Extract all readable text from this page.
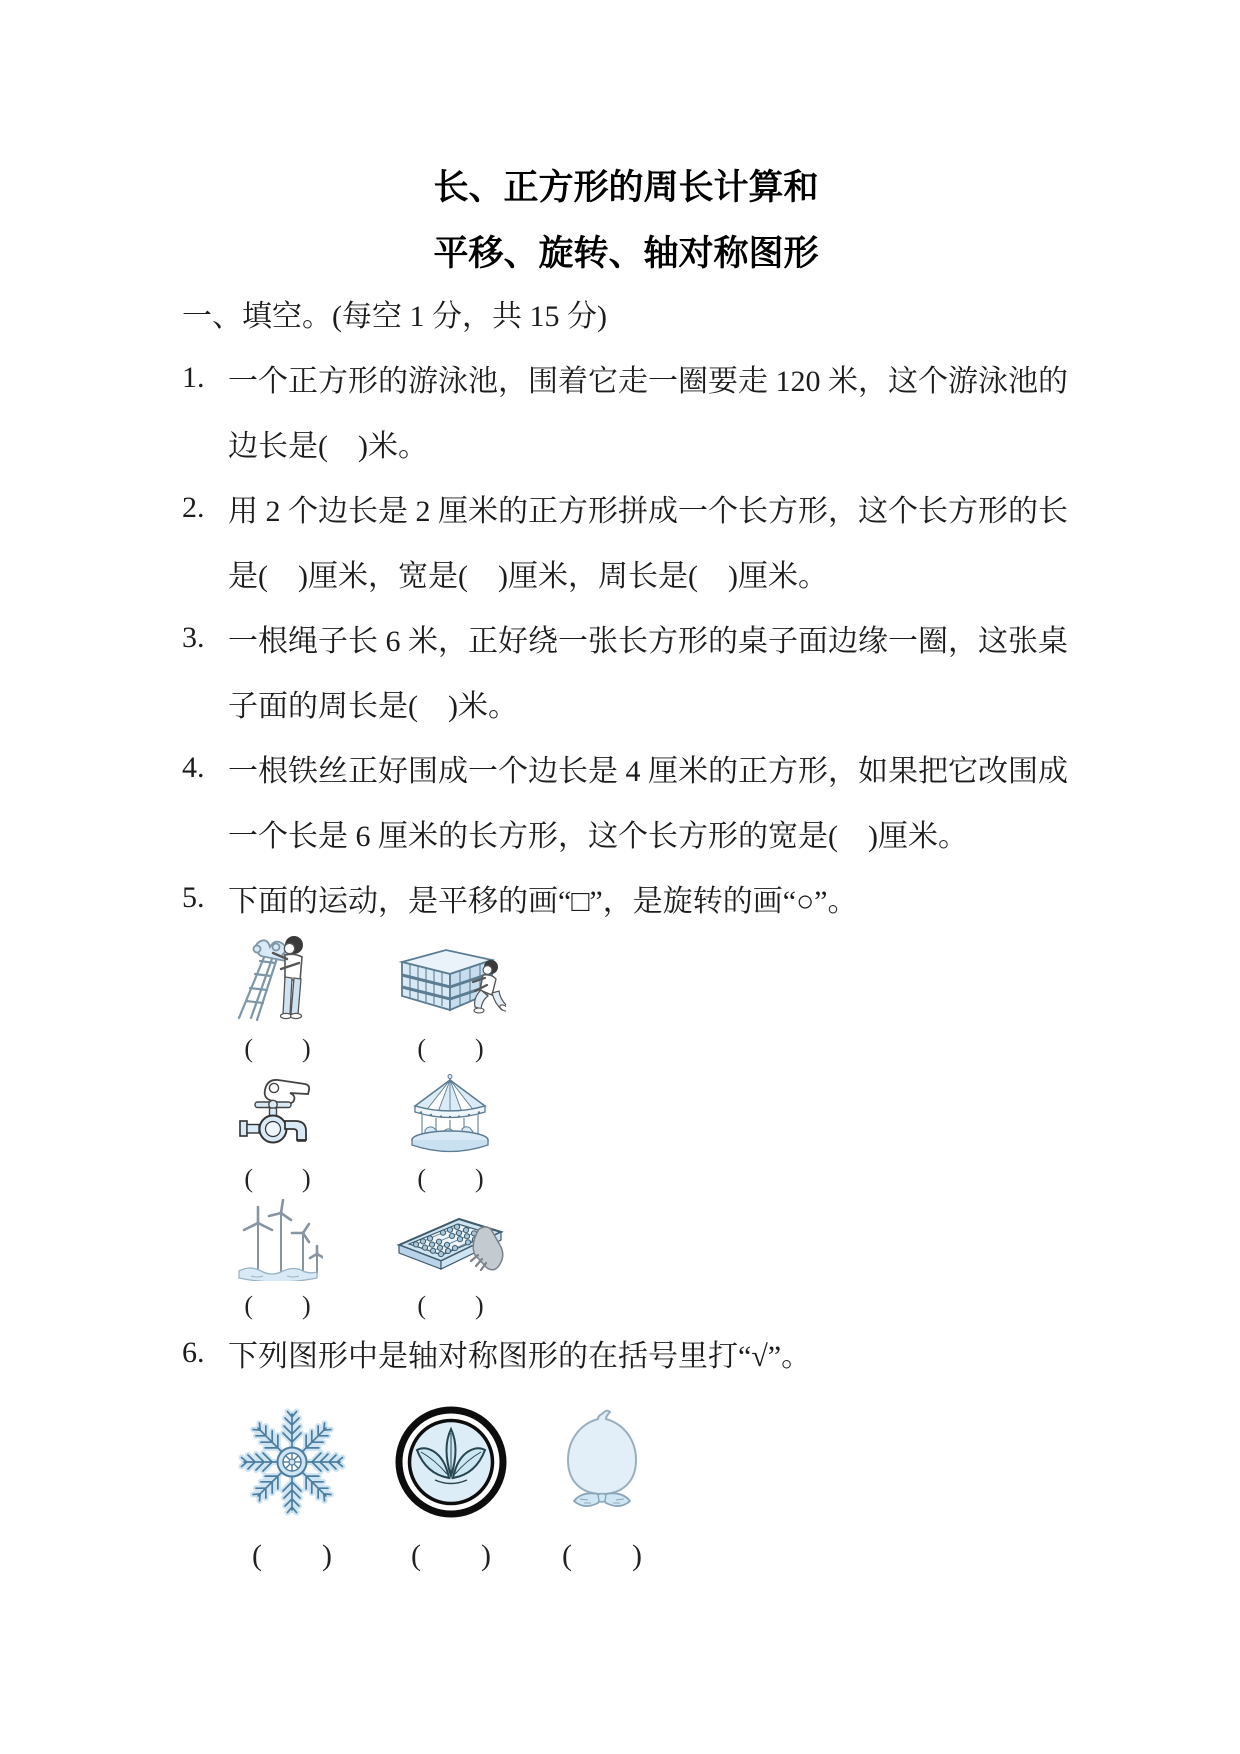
长、正方形的周长计算和
平移、旋转、轴对称图形
一、填空。(每空 1 分，共 15 分)
1. 一个正方形的游泳池，围着它走一圈要走 120 米，这个游泳池的
边长是(　)米。
2. 用 2 个边长是 2 厘米的正方形拼成一个长方形，这个长方形的长
是(　)厘米，宽是(　)厘米，周长是(　)厘米。
3. 一根绳子长 6 米，正好绕一张长方形的桌子面边缘一圈，这张桌
子面的周长是(　)米。
4. 一根铁丝正好围成一个边长是 4 厘米的正方形，如果把它改围成
一个长是 6 厘米的长方形，这个长方形的宽是(　)厘米。
5. 下面的运动，是平移的画“□”，是旋转的画“○”。
(　　)	(　　)
(　　)	(　　)
(　　)	(　　)
6. 下列图形中是轴对称图形的在括号里打“√”。
(　　)	(　　)	(　　)
